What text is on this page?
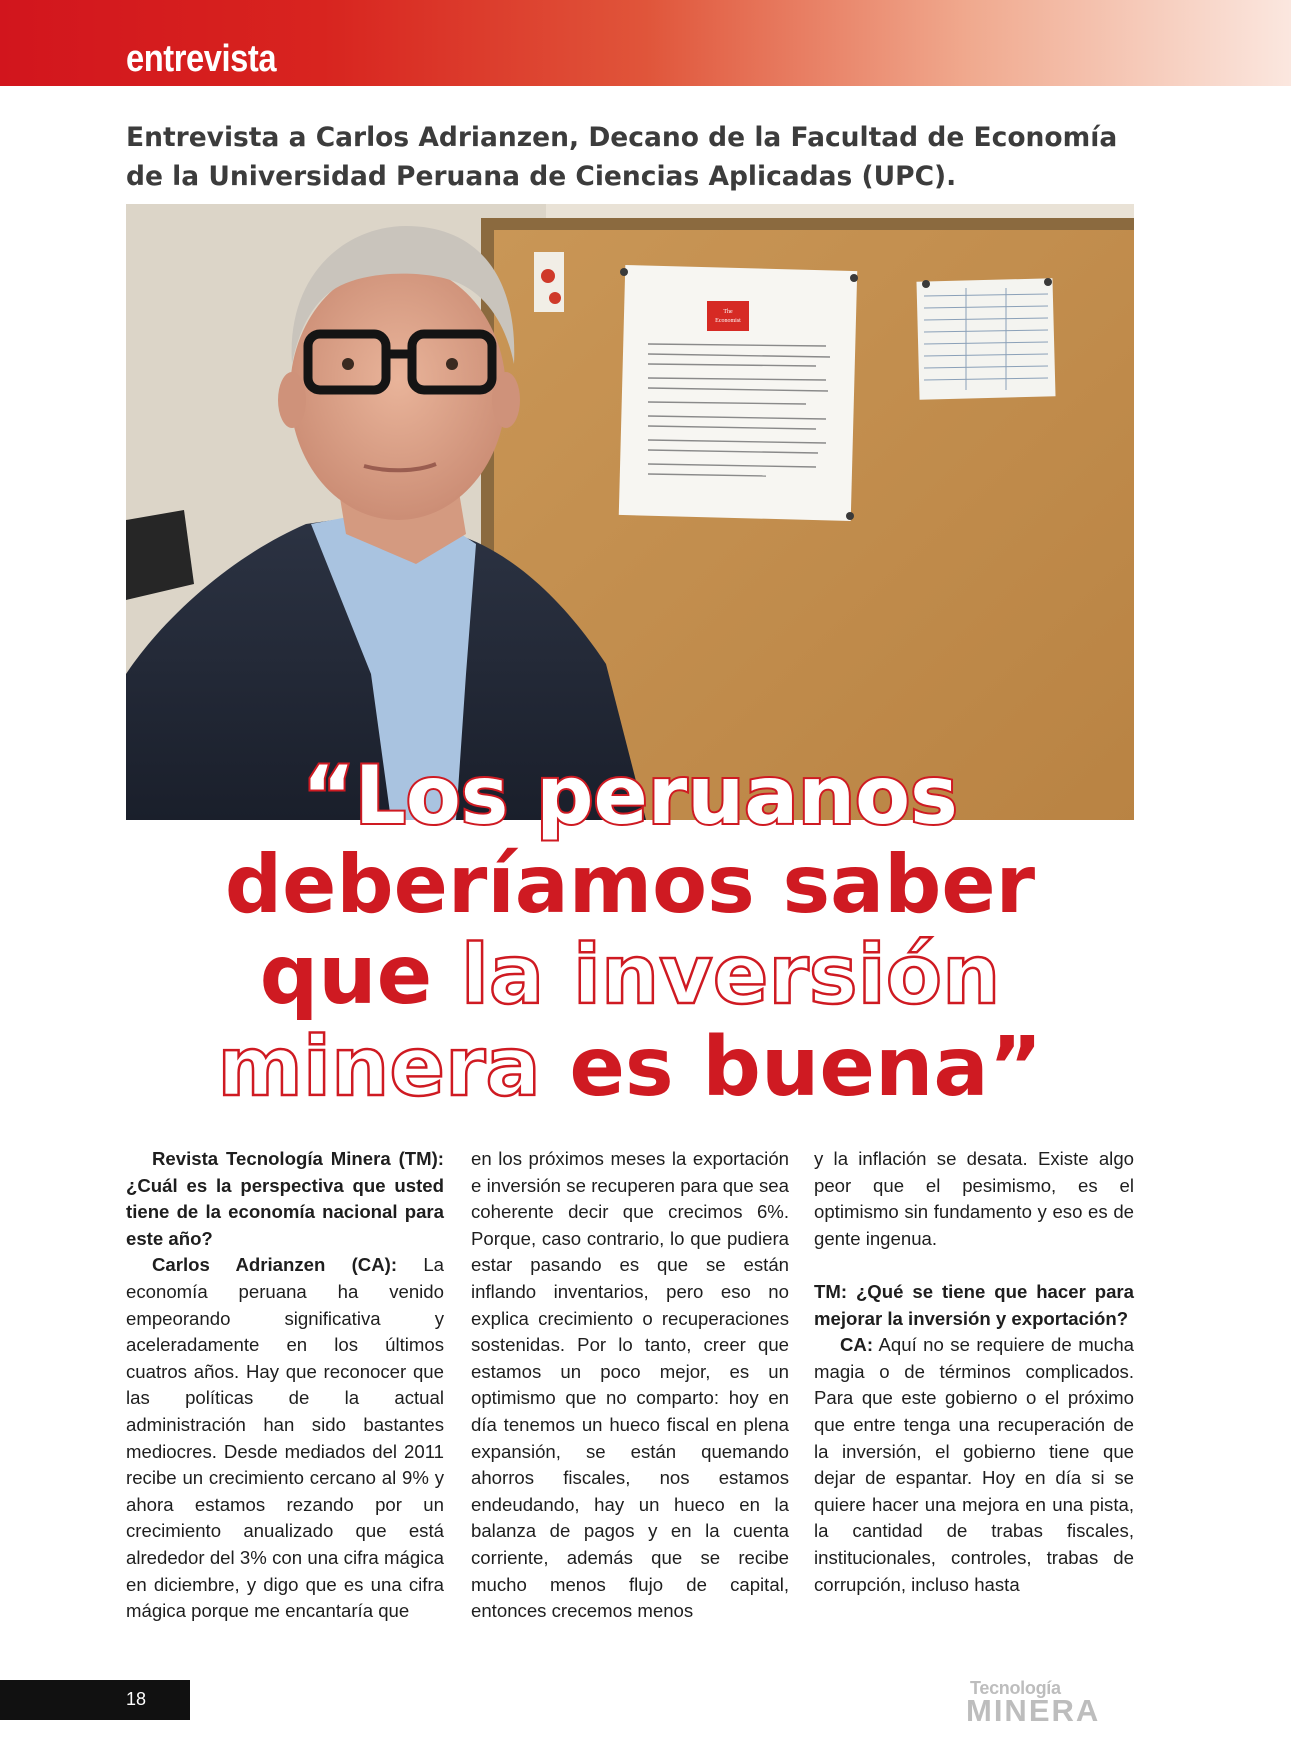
entrevista
Entrevista a Carlos Adrianzen, Decano de la Facultad de Economía de la Universidad Peruana de Ciencias Aplicadas (UPC).
The
Economist
“Los peruanos
deberíamos saber
que la inversión
minera es buena”

Revista Tecnología Minera (TM): ¿Cuál es la perspectiva que usted tiene de la economía nacional para este año?

Carlos Adrianzen (CA): La economía peruana ha venido empeorando significativa y aceleradamente en los últimos cuatros años. Hay que reconocer que las políticas de la actual administración han sido bastantes mediocres. Desde mediados del 2011 recibe un crecimiento cercano al 9% y ahora estamos rezando por un crecimiento anualizado que está alrededor del 3% con una cifra mágica en diciembre, y digo que es una cifra mágica porque me encantaría que

en los próximos meses la exportación e inversión se recuperen para que sea coherente decir que crecimos 6%. Porque, caso contrario, lo que pudiera estar pasando es que se están inflando inventarios, pero eso no explica crecimiento o recuperaciones sostenidas. Por lo tanto, creer que estamos un poco mejor, es un optimismo que no comparto: hoy en día tenemos un hueco fiscal en plena expansión, se están quemando ahorros fiscales, nos estamos endeudando, hay un hueco en la balanza de pagos y en la cuenta corriente, además que se recibe mucho menos flujo de capital, entonces crecemos menos

y la inflación se desata. Existe algo peor que el pesimismo, es el optimismo sin fundamento y eso es de gente ingenua.

TM: ¿Qué se tiene que hacer para mejorar la inversión y exportación?

CA: Aquí no se requiere de mucha magia o de términos complicados. Para que este gobierno o el próximo que entre tenga una recuperación de la inversión, el gobierno tiene que dejar de espantar. Hoy en día si se quiere hacer una mejora en una pista, la cantidad de trabas fiscales, institucionales, controles, trabas de corrupción, incluso hasta

18
Tecnología
MINERA
